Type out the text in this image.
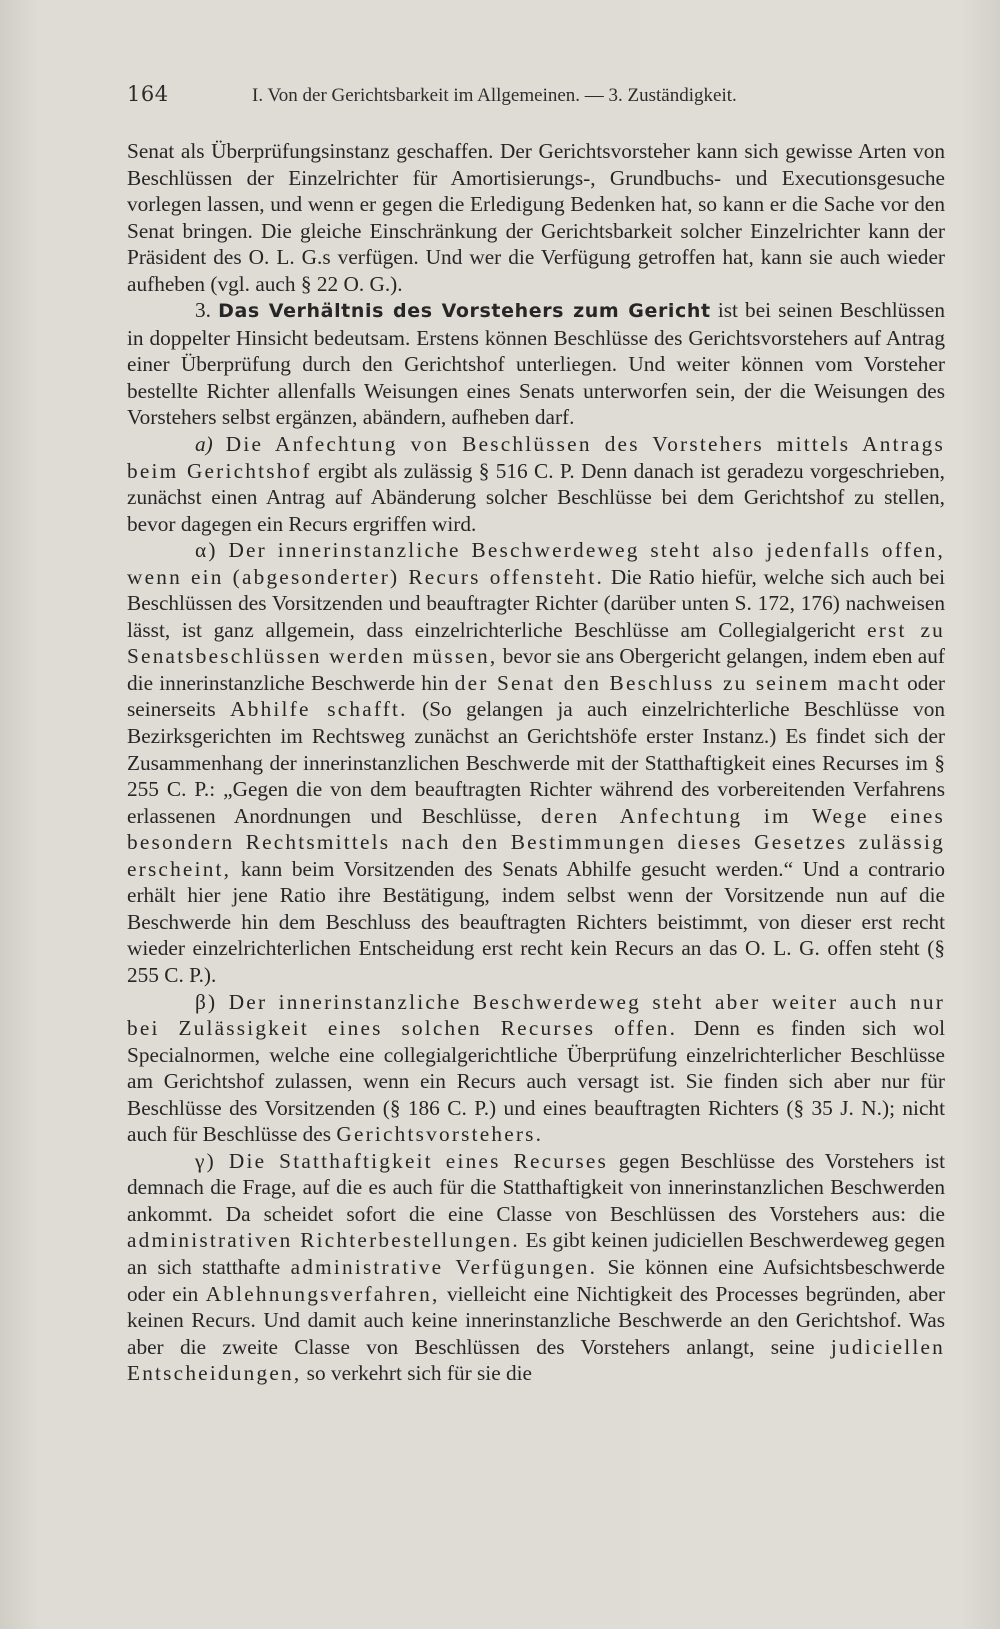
164	I. Von der Gerichtsbarkeit im Allgemeinen. — 3. Zuständigkeit.

Senat als Überprüfungsinstanz geschaffen. Der Gerichtsvorsteher kann sich gewisse Arten von Beschlüssen der Einzelrichter für Amortisierungs-, Grundbuchs- und Executionsgesuche vorlegen lassen, und wenn er gegen die Erledigung Bedenken hat, so kann er die Sache vor den Senat bringen. Die gleiche Einschränkung der Gerichtsbarkeit solcher Einzelrichter kann der Präsident des O. L. G.s verfügen. Und wer die Verfügung getroffen hat, kann sie auch wieder aufheben (vgl. auch § 22 O. G.).

3. Das Verhältnis des Vorstehers zum Gericht ist bei seinen Beschlüssen in doppelter Hinsicht bedeutsam. Erstens können Beschlüsse des Gerichtsvorstehers auf Antrag einer Überprüfung durch den Gerichtshof unterliegen. Und weiter können vom Vorsteher bestellte Richter allenfalls Weisungen eines Senats unterworfen sein, der die Weisungen des Vorstehers selbst ergänzen, abändern, aufheben darf.

a) Die Anfechtung von Beschlüssen des Vorstehers mittels Antrags beim Gerichtshof ergibt als zulässig § 516 C. P. Denn danach ist geradezu vorgeschrieben, zunächst einen Antrag auf Abänderung solcher Beschlüsse bei dem Gerichtshof zu stellen, bevor dagegen ein Recurs ergriffen wird.

α) Der innerinstanzliche Beschwerdeweg steht also jedenfalls offen, wenn ein (abgesonderter) Recurs offensteht. Die Ratio hiefür, welche sich auch bei Beschlüssen des Vorsitzenden und beauftragter Richter (darüber unten S. 172, 176) nachweisen lässt, ist ganz allgemein, dass einzelrichterliche Beschlüsse am Collegialgericht erst zu Senatsbeschlüssen werden müssen, bevor sie ans Obergericht gelangen, indem eben auf die innerinstanzliche Beschwerde hin der Senat den Beschluss zu seinem macht oder seinerseits Abhilfe schafft. (So gelangen ja auch einzelrichterliche Beschlüsse von Bezirksgerichten im Rechtsweg zunächst an Gerichtshöfe erster Instanz.) Es findet sich der Zusammenhang der innerinstanzlichen Beschwerde mit der Statthaftigkeit eines Recurses im § 255 C. P.: „Gegen die von dem beauftragten Richter während des vorbereitenden Verfahrens erlassenen Anordnungen und Beschlüsse, deren Anfechtung im Wege eines besondern Rechtsmittels nach den Bestimmungen dieses Gesetzes zulässig erscheint, kann beim Vorsitzenden des Senats Abhilfe gesucht werden.“ Und a contrario erhält hier jene Ratio ihre Bestätigung, indem selbst wenn der Vorsitzende nun auf die Beschwerde hin dem Beschluss des beauftragten Richters beistimmt, von dieser erst recht wieder einzelrichterlichen Entscheidung erst recht kein Recurs an das O. L. G. offen steht (§ 255 C. P.).

β) Der innerinstanzliche Beschwerdeweg steht aber weiter auch nur bei Zulässigkeit eines solchen Recurses offen. Denn es finden sich wol Specialnormen, welche eine collegialgerichtliche Überprüfung einzelrichterlicher Beschlüsse am Gerichtshof zulassen, wenn ein Recurs auch versagt ist. Sie finden sich aber nur für Beschlüsse des Vorsitzenden (§ 186 C. P.) und eines beauftragten Richters (§ 35 J. N.); nicht auch für Beschlüsse des Gerichtsvorstehers.

γ) Die Statthaftigkeit eines Recurses gegen Beschlüsse des Vorstehers ist demnach die Frage, auf die es auch für die Statthaftigkeit von innerinstanzlichen Beschwerden ankommt. Da scheidet sofort die eine Classe von Beschlüssen des Vorstehers aus: die administrativen Richterbestellungen. Es gibt keinen judiciellen Beschwerdeweg gegen an sich statthafte administrative Verfügungen. Sie können eine Aufsichtsbeschwerde oder ein Ablehnungsverfahren, vielleicht eine Nichtigkeit des Processes begründen, aber keinen Recurs. Und damit auch keine innerinstanzliche Beschwerde an den Gerichtshof. Was aber die zweite Classe von Beschlüssen des Vorstehers anlangt, seine judiciellen Entscheidungen, so verkehrt sich für sie die
